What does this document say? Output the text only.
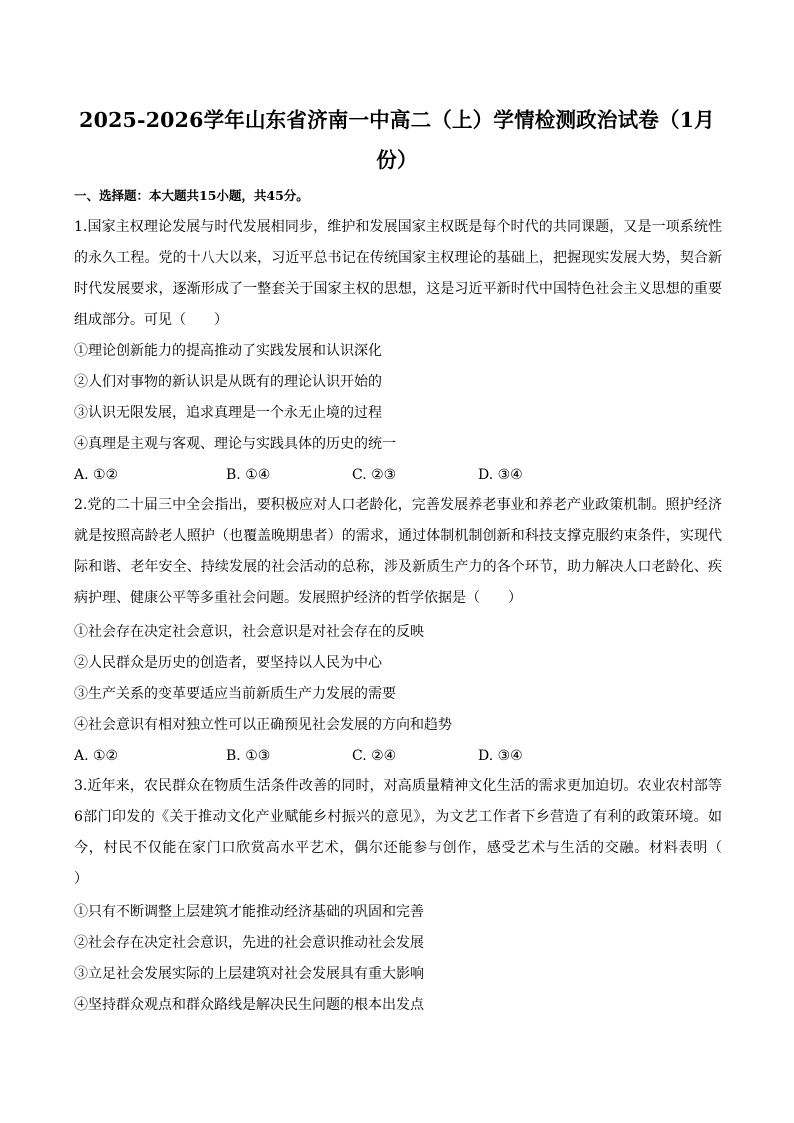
2025-2026学年山东省济南一中高二（上）学情检测政治试卷（1月份）
一、选择题：本大题共15小题，共45分。
1.国家主权理论发展与时代发展相同步，维护和发展国家主权既是每个时代的共同课题，又是一项系统性的永久工程。党的十八大以来，习近平总书记在传统国家主权理论的基础上，把握现实发展大势，契合新时代发展要求，逐渐形成了一整套关于国家主权的思想，这是习近平新时代中国特色社会主义思想的重要组成部分。可见（　　）
①理论创新能力的提高推动了实践发展和认识深化
②人们对事物的新认识是从既有的理论认识开始的
③认识无限发展，追求真理是一个永无止境的过程
④真理是主观与客观、理论与实践具体的历史的统一
A. ①②	B. ①④	C. ②③	D. ③④
2.党的二十届三中全会指出，要积极应对人口老龄化，完善发展养老事业和养老产业政策机制。照护经济就是按照高龄老人照护（也覆盖晚期患者）的需求，通过体制机制创新和科技支撑克服约束条件，实现代际和谐、老年安全、持续发展的社会活动的总称，涉及新质生产力的各个环节，助力解决人口老龄化、疾病护理、健康公平等多重社会问题。发展照护经济的哲学依据是（　　）
①社会存在决定社会意识，社会意识是对社会存在的反映
②人民群众是历史的创造者，要坚持以人民为中心
③生产关系的变革要适应当前新质生产力发展的需要
④社会意识有相对独立性可以正确预见社会发展的方向和趋势
A. ①②	B. ①③	C. ②④	D. ③④
3.近年来，农民群众在物质生活条件改善的同时，对高质量精神文化生活的需求更加迫切。农业农村部等6部门印发的《关于推动文化产业赋能乡村振兴的意见》，为文艺工作者下乡营造了有利的政策环境。如今，村民不仅能在家门口欣赏高水平艺术，偶尔还能参与创作，感受艺术与生活的交融。材料表明（　　）
①只有不断调整上层建筑才能推动经济基础的巩固和完善
②社会存在决定社会意识，先进的社会意识推动社会发展
③立足社会发展实际的上层建筑对社会发展具有重大影响
④坚持群众观点和群众路线是解决民生问题的根本出发点
